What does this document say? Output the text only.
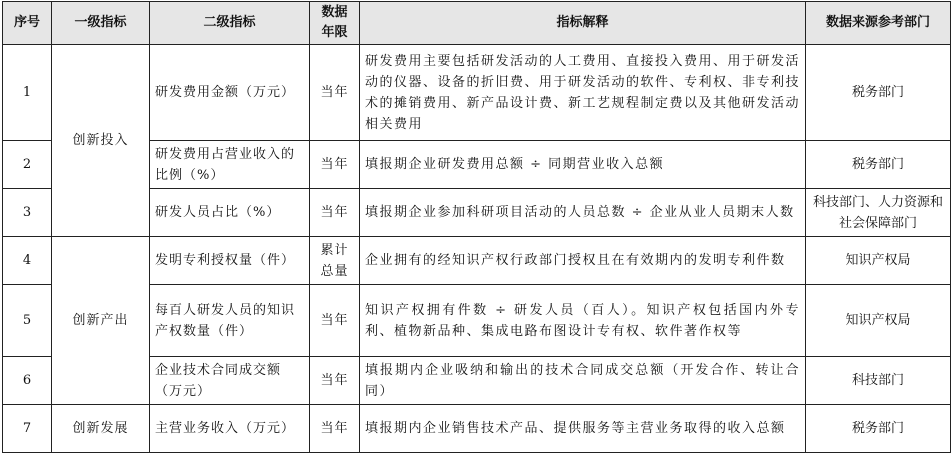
序号	一级指标	二级指标	数据年限	指标解释	数据来源参考部门
1	创新投入	研发费用金额（万元）	当年	研发费用主要包括研发活动的人工费用、直接投入费用、用于研发活动的仪器、设备的折旧费、用于研发活动的软件、专利权、非专利技术的摊销费用、新产品设计费、新工艺规程制定费以及其他研发活动相关费用	税务部门
2		研发费用占营业收入的比例（%）	当年	填报期企业研发费用总额 ÷ 同期营业收入总额	税务部门
3		研发人员占比（%）	当年	填报期企业参加科研项目活动的人员总数 ÷ 企业从业人员期末人数	科技部门、人力资源和社会保障部门
4	创新产出	发明专利授权量（件）	累计总量	企业拥有的经知识产权行政部门授权且在有效期内的发明专利件数	知识产权局
5		每百人研发人员的知识产权数量（件）	当年	知识产权拥有件数 ÷ 研发人员（百人）。知识产权包括国内外专利、植物新品种、集成电路布图设计专有权、软件著作权等	知识产权局
6		企业技术合同成交额（万元）	当年	填报期内企业吸纳和输出的技术合同成交总额（开发合作、转让合同）	科技部门
7	创新发展	主营业务收入（万元）	当年	填报期内企业销售技术产品、提供服务等主营业务取得的收入总额	税务部门
